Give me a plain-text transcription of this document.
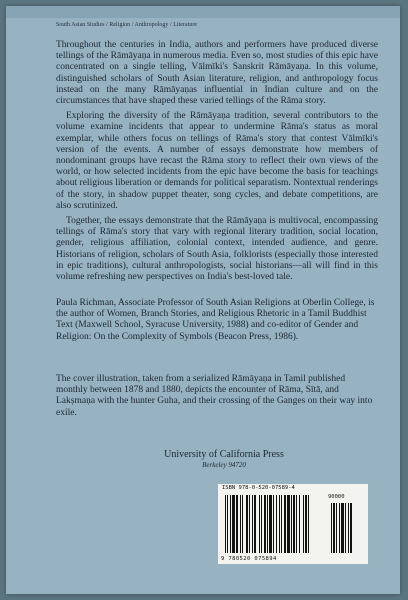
South Asian Studies / Religion / Anthropology / Literature

Throughout the centuries in India, authors and performers have produced diverse tellings of the Rāmāyaṇa in numerous media. Even so, most studies of this epic have concentrated on a single telling, Vālmīki's Sanskrit Rāmāyaṇa. In this volume, distinguished scholars of South Asian literature, religion, and anthropology focus instead on the many Rāmāyaṇas influential in Indian culture and on the circumstances that have shaped these varied tellings of the Rāma story.

Exploring the diversity of the Rāmāyaṇa tradition, several contributors to the volume examine incidents that appear to undermine Rāma's status as moral exemplar, while others focus on tellings of Rāma's story that contest Vālmīki's version of the events. A number of essays demonstrate how members of nondominant groups have recast the Rāma story to reflect their own views of the world, or how selected incidents from the epic have become the basis for teachings about religious liberation or demands for political separatism. Nontextual renderings of the story, in shadow puppet theater, song cycles, and debate competitions, are also scrutinized.

Together, the essays demonstrate that the Rāmāyaṇa is multivocal, encompassing tellings of Rāma's story that vary with regional literary tradition, social location, gender, religious affiliation, colonial context, intended audience, and genre. Historians of religion, scholars of South Asia, folklorists (especially those interested in epic traditions), cultural anthropologists, social historians—all will find in this volume refreshing new perspectives on India's best-loved tale.

Paula Richman, Associate Professor of South Asian Religions at Oberlin College, is the author of Women, Branch Stories, and Religious Rhetoric in a Tamil Buddhist Text (Maxwell School, Syracuse University, 1988) and co-editor of Gender and Religion: On the Complexity of Symbols (Beacon Press, 1986).
The cover illustration, taken from a serialized Rāmāyaṇa in Tamil published monthly between 1878 and 1880, depicts the encounter of Rāma, Sītā, and Lakṣmaṇa with the hunter Guha, and their crossing of the Ganges on their way into exile.
University of California Press
Berkeley 94720
ISBN 978-0-520-07589-4
90000
9 780520 075894
